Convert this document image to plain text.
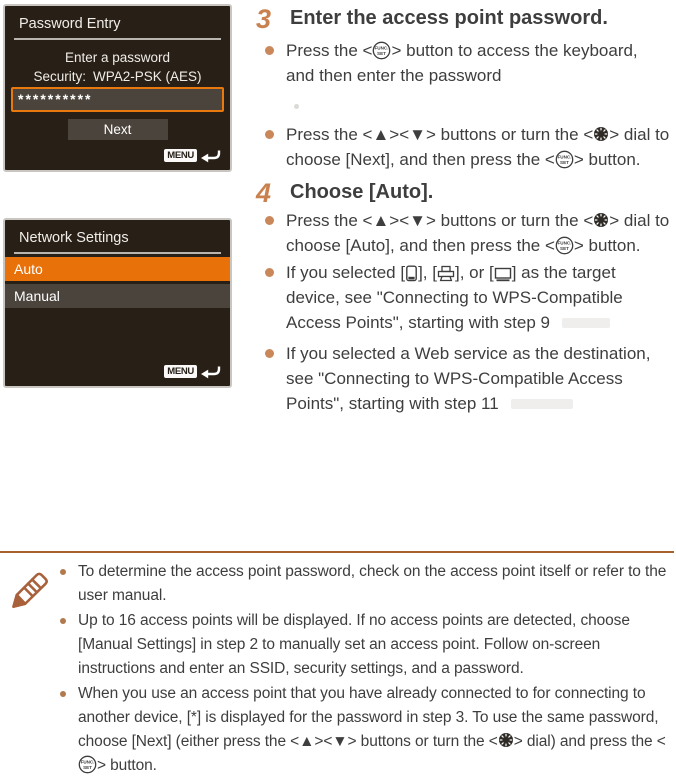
Password Entry
Enter a password
Security: WPA2-PSK (AES)
**********
Next
MENU
Network Settings
Auto
Manual
MENU
3 Enter the access point password.
Press the < FUNC.
SET > button to access the keyboard, and then enter the password
Press the <▲><▼> buttons or turn the < > dial to choose [Next], and then press the < FUNC.
SET > button.
4 Choose [Auto].
Press the <▲><▼> buttons or turn the < > dial to choose [Auto], and then press the < FUNC.
SET > button.
If you selected [ ], [ ], or [ ] as the target device, see "Connecting to WPS-Compatible Access Points", starting with step 9
If you selected a Web service as the destination, see "Connecting to WPS-Compatible Access Points", starting with step 11
To determine the access point password, check on the access point itself or refer to the user manual.
Up to 16 access points will be displayed. If no access points are detected, choose [Manual Settings] in step 2 to manually set an access point. Follow on-screen instructions and enter an SSID, security settings, and a password.
When you use an access point that you have already connected to for connecting to another device, [*] is displayed for the password in step 3. To use the same password, choose [Next] (either press the <▲><▼> buttons or turn the < > dial) and press the <
FUNC.
SET > button.
